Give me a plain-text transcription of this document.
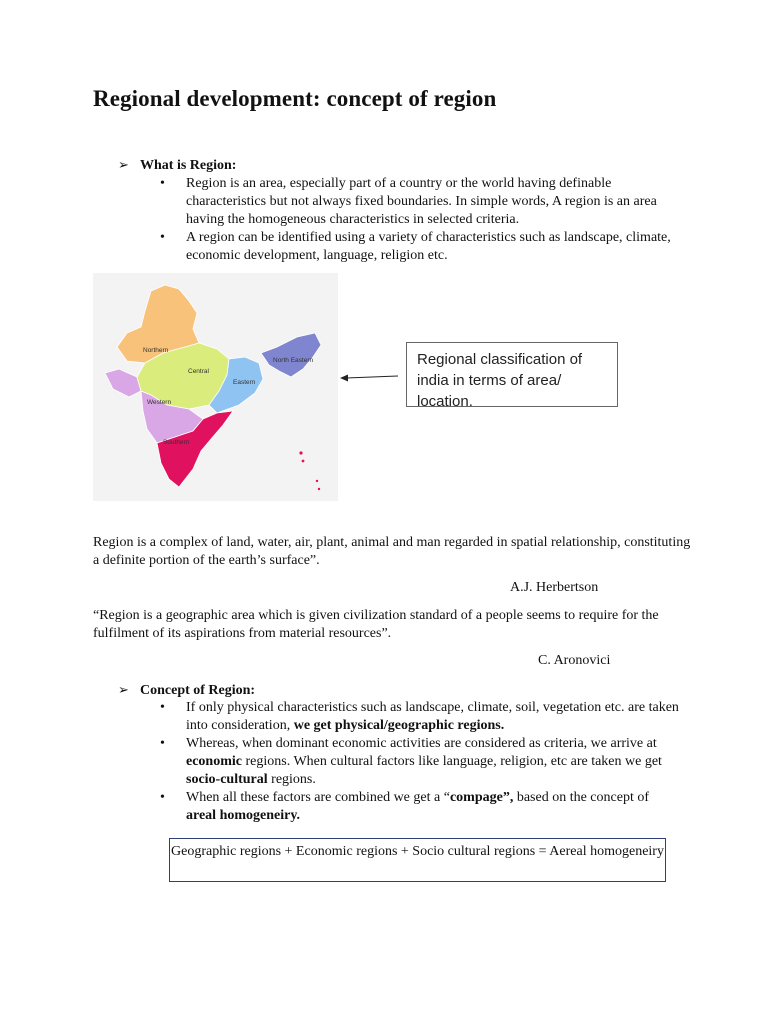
Regional development: concept of region
➢ What is Region:
• Region is an area, especially part of a country or the world having definable characteristics but not always fixed boundaries. In simple words, A region is an area having the homogeneous characteristics in selected criteria.
• A region can be identified using a variety of characteristics such as landscape, climate, economic development, language, religion etc.
Northern
Central
North Eastern
Eastern
Western
Southern
Regional classification of india in terms of area/ location.

Region is a complex of land, water, air, plant, animal and man regarded in spatial relationship, constituting a definite portion of the earth’s surface”.

A.J. Herbertson

“Region is a geographic area which is given civilization standard of a people seems to require for the fulfilment of its aspirations from material resources”.

C. Aronovici
➢ Concept of Region:
• If only physical characteristics such as landscape, climate, soil, vegetation etc. are taken into consideration, we get physical/geographic regions.
• Whereas, when dominant economic activities are considered as criteria, we arrive at economic regions. When cultural factors like language, religion, etc are taken we get socio-cultural regions.
• When all these factors are combined we get a “compage”, based on the concept of areal homogeneiry.
Geographic regions + Economic regions + Socio cultural regions = Aereal homogeneiry
